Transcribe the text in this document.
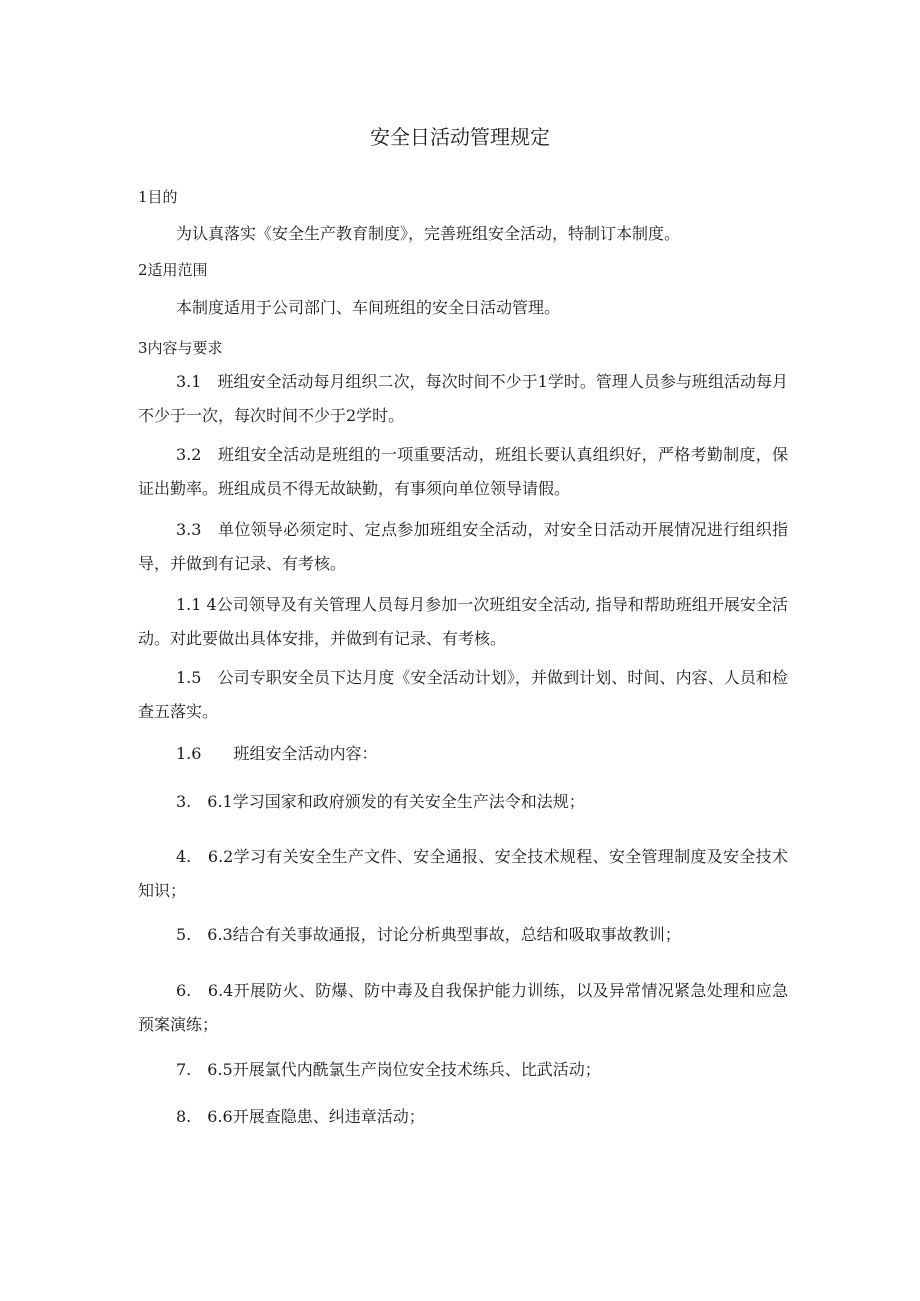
安全日活动管理规定
1目的
为认真落实《安全生产教育制度》，完善班组安全活动，特制订本制度。
2适用范围
本制度适用于公司部门、车间班组的安全日活动管理。
3内容与要求
3.1　班组安全活动每月组织二次，每次时间不少于1学时。管理人员参与班组活动每月不少于一次，每次时间不少于2学时。
3.2　班组安全活动是班组的一项重要活动，班组长要认真组织好，严格考勤制度，保证出勤率。班组成员不得无故缺勤，有事须向单位领导请假。
3.3　单位领导必须定时、定点参加班组安全活动，对安全日活动开展情况进行组织指导，并做到有记录、有考核。
1.1 4公司领导及有关管理人员每月参加一次班组安全活动, 指导和帮助班组开展安全活动。对此要做出具体安排，并做到有记录、有考核。
1.5　公司专职安全员下达月度《安全活动计划》，并做到计划、时间、内容、人员和检查五落实。
1.6　　班组安全活动内容：
3.　6.1学习国家和政府颁发的有关安全生产法令和法规；
4.　6.2学习有关安全生产文件、安全通报、安全技术规程、安全管理制度及安全技术知识；
5.　6.3结合有关事故通报，讨论分析典型事故，总结和吸取事故教训；
6.　6.4开展防火、防爆、防中毒及自我保护能力训练，以及异常情况紧急处理和应急预案演练；
7.　6.5开展氯代内酰氯生产岗位安全技术练兵、比武活动；
8.　6.6开展查隐患、纠违章活动；
